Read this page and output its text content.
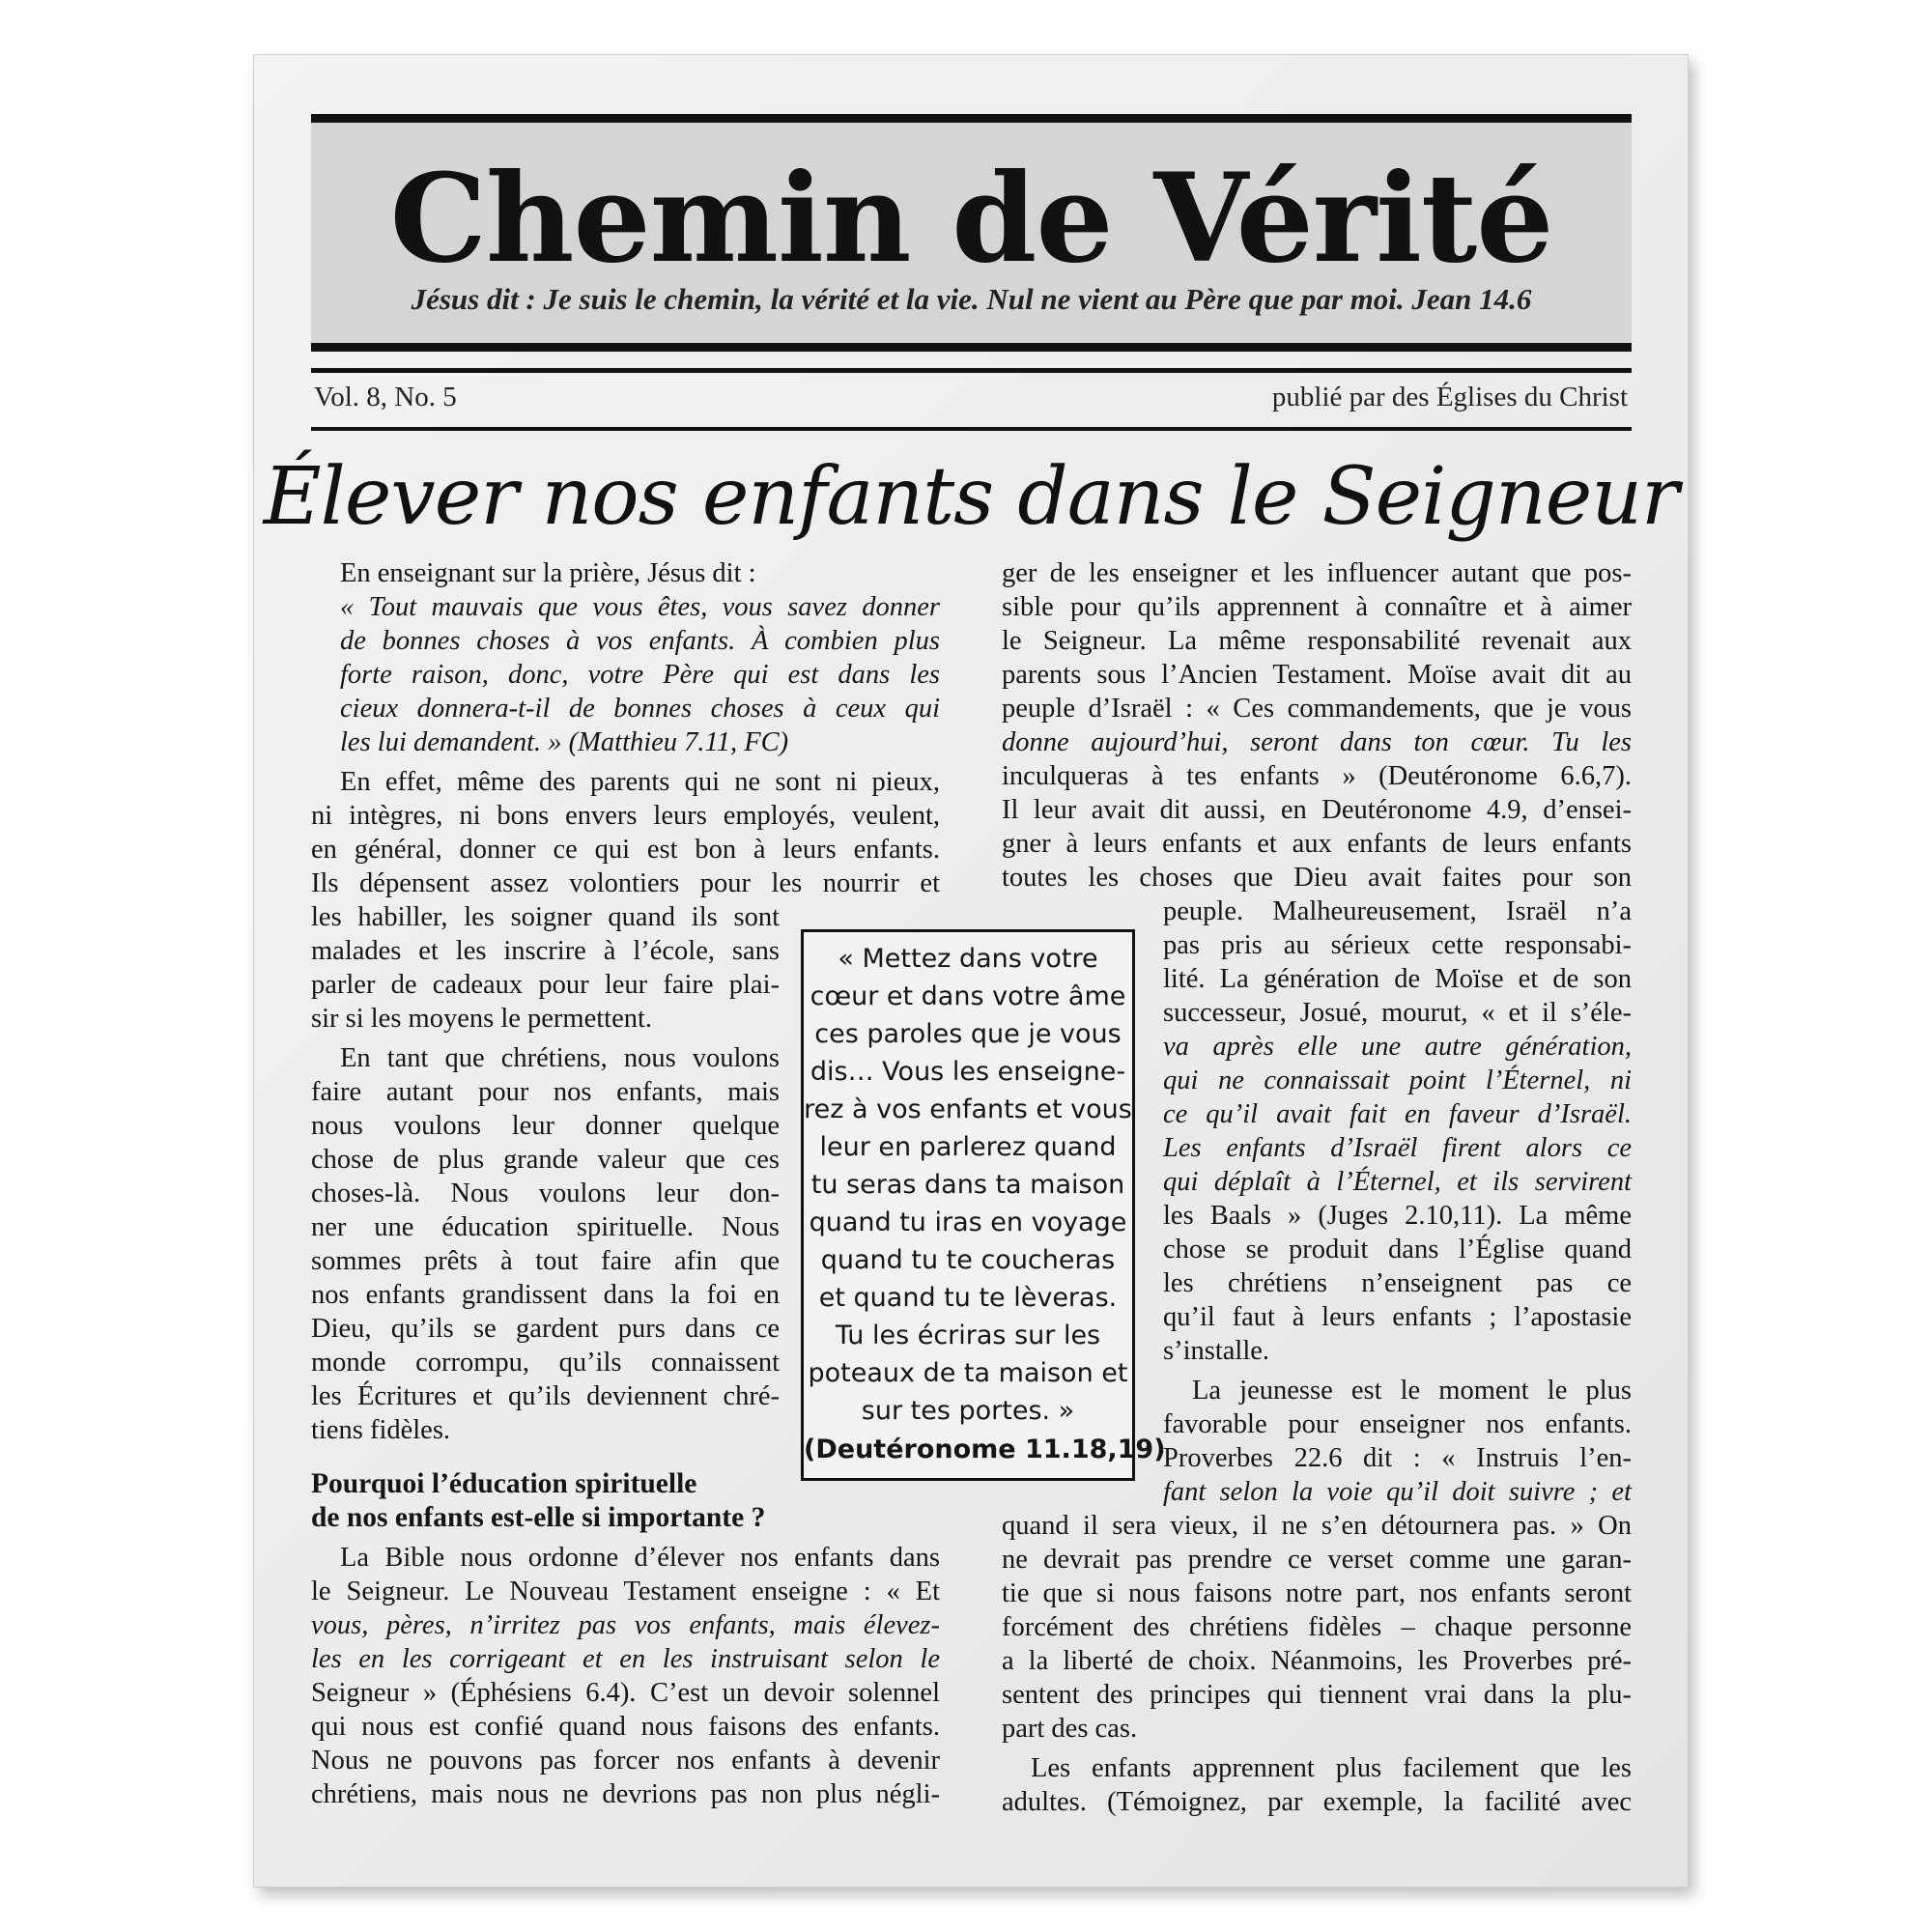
Chemin de Vérité
Jésus dit : Je suis le chemin, la vérité et la vie. Nul ne vient au Père que par moi. Jean 14.6
Vol. 8, No. 5	publié par des Églises du Christ
Élever nos enfants dans le Seigneur
En enseignant sur la prière, Jésus dit :
« Tout mauvais que vous êtes, vous savez donner
de bonnes choses à vos enfants. À combien plus
forte raison, donc, votre Père qui est dans les
cieux donnera-t-il de bonnes choses à ceux qui
les lui demandent. » (Matthieu 7.11, FC)
En effet, même des parents qui ne sont ni pieux,
ni intègres, ni bons envers leurs employés, veulent,
en général, donner ce qui est bon à leurs enfants.
Ils dépensent assez volontiers pour les nourrir et
les habiller, les soigner quand ils sont
malades et les inscrire à l’école, sans
parler de cadeaux pour leur faire plai-
sir si les moyens le permettent.
En tant que chrétiens, nous voulons
faire autant pour nos enfants, mais
nous voulons leur donner quelque
chose de plus grande valeur que ces
choses-là. Nous voulons leur don-
ner une éducation spirituelle. Nous
sommes prêts à tout faire afin que
nos enfants grandissent dans la foi en
Dieu, qu’ils se gardent purs dans ce
monde corrompu, qu’ils connaissent
les Écritures et qu’ils deviennent chré-
tiens fidèles.
Pourquoi l’éducation spirituelle
de nos enfants est-elle si importante ?
La Bible nous ordonne d’élever nos enfants dans
le Seigneur. Le Nouveau Testament enseigne : « Et
vous, pères, n’irritez pas vos enfants, mais élevez-
les en les corrigeant et en les instruisant selon le
Seigneur » (Éphésiens 6.4). C’est un devoir solennel
qui nous est confié quand nous faisons des enfants.
Nous ne pouvons pas forcer nos enfants à devenir
chrétiens, mais nous ne devrions pas non plus négli-
« Mettez dans votre
cœur et dans votre âme
ces paroles que je vous
dis… Vous les enseigne-
rez à vos enfants et vous
leur en parlerez quand
tu seras dans ta maison
quand tu iras en voyage
quand tu te coucheras
et quand tu te lèveras.
Tu les écriras sur les
poteaux de ta maison et
sur tes portes. »
(Deutéronome 11.18,19)
ger de les enseigner et les influencer autant que pos-
sible pour qu’ils apprennent à connaître et à aimer
le Seigneur. La même responsabilité revenait aux
parents sous l’Ancien Testament. Moïse avait dit au
peuple d’Israël : « Ces commandements, que je vous
donne aujourd’hui, seront dans ton cœur. Tu les
inculqueras à tes enfants » (Deutéronome 6.6,7).
Il leur avait dit aussi, en Deutéronome 4.9, d’ensei-
gner à leurs enfants et aux enfants de leurs enfants
toutes les choses que Dieu avait faites pour son
peuple. Malheureusement, Israël n’a
pas pris au sérieux cette responsabi-
lité. La génération de Moïse et de son
successeur, Josué, mourut, « et il s’éle-
va après elle une autre génération,
qui ne connaissait point l’Éternel, ni
ce qu’il avait fait en faveur d’Israël.
Les enfants d’Israël firent alors ce
qui déplaît à l’Éternel, et ils servirent
les Baals » (Juges 2.10,11). La même
chose se produit dans l’Église quand
les chrétiens n’enseignent pas ce
qu’il faut à leurs enfants ; l’apostasie
s’installe.
La jeunesse est le moment le plus
favorable pour enseigner nos enfants.
Proverbes 22.6 dit : « Instruis l’en-
fant selon la voie qu’il doit suivre ; et
quand il sera vieux, il ne s’en détournera pas. » On
ne devrait pas prendre ce verset comme une garan-
tie que si nous faisons notre part, nos enfants seront
forcément des chrétiens fidèles – chaque personne
a la liberté de choix. Néanmoins, les Proverbes pré-
sentent des principes qui tiennent vrai dans la plu-
part des cas.
Les enfants apprennent plus facilement que les
adultes. (Témoignez, par exemple, la facilité avec
